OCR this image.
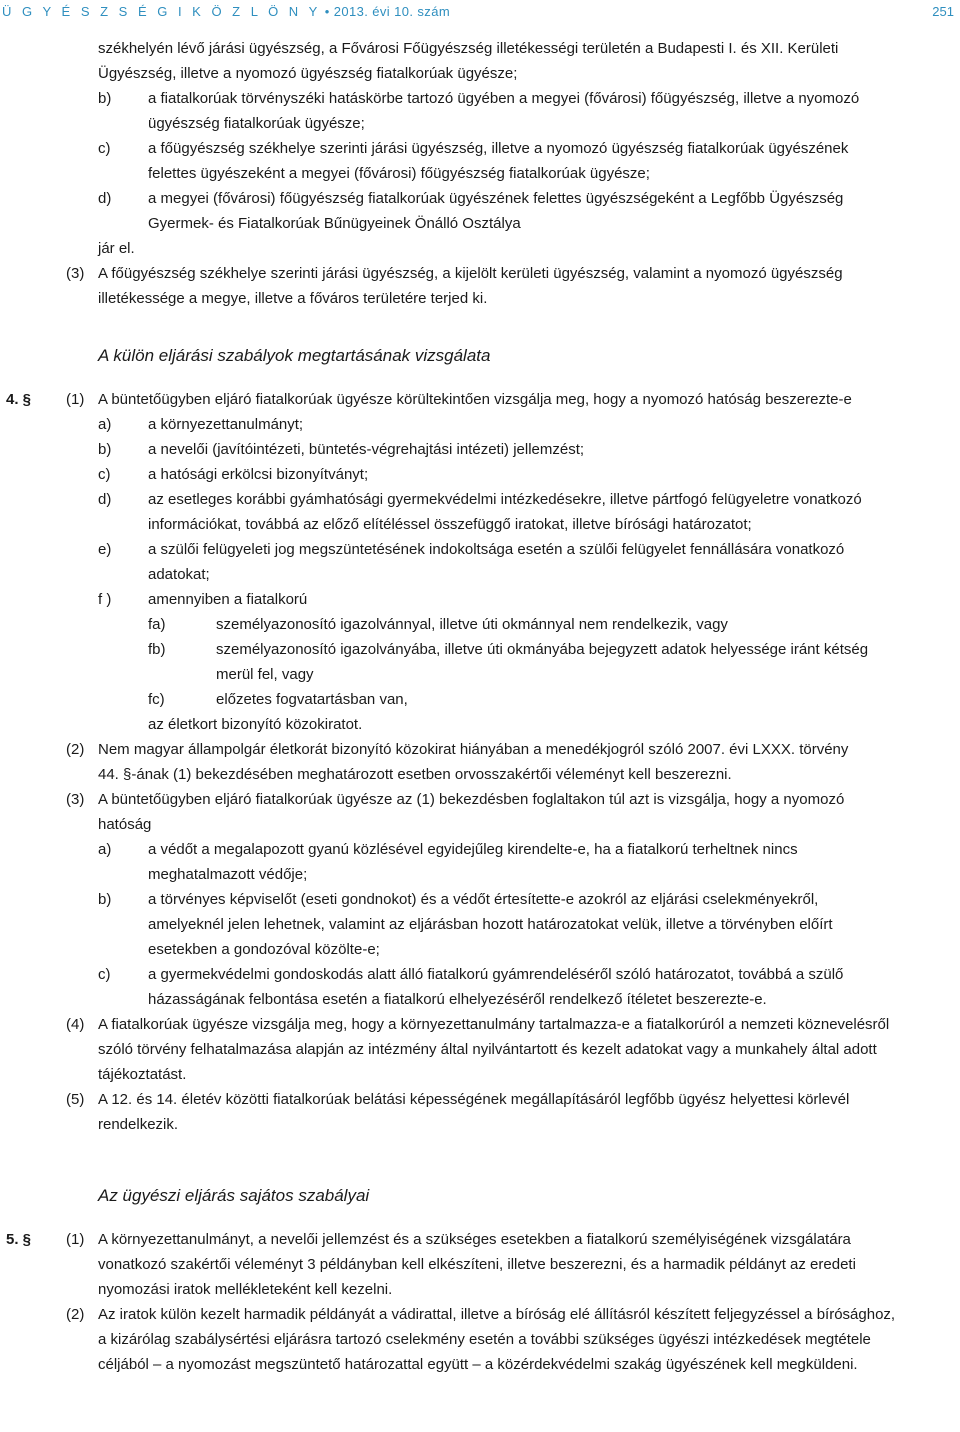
Ü G Y É S Z S É G I K Ö Z L Ö N Y • 2013. évi 10. szám	251
székhelyén lévő járási ügyészség, a Fővárosi Főügyészség illetékességi területén a Budapesti I. és XII. Kerületi
Ügyészség, illetve a nyomozó ügyészség fiatalkorúak ügyésze;
b) a fiatalkorúak törvényszéki hatáskörbe tartozó ügyében a megyei (fővárosi) főügyészség, illetve a nyomozó
ügyészség fiatalkorúak ügyésze;
c)	a főügyészség székhelye szerinti járási ügyészség, illetve a nyomozó ügyészség fiatalkorúak ügyészének
felettes ügyészeként a megyei (fővárosi) főügyészség fiatalkorúak ügyésze;
d) a megyei (fővárosi) főügyészség fiatalkorúak ügyészének felettes ügyészségeként a Legfőbb Ügyészség
Gyermek- és Fiatalkorúak Bűnügyeinek Önálló Osztálya
jár el.
(3) A főügyészség székhelye szerinti járási ügyészség, a kijelölt kerületi ügyészség, valamint a nyomozó ügyészség
illetékessége a megye, illetve a főváros területére terjed ki.
A külön eljárási szabályok megtartásának vizsgálata
4. § (1) A büntetőügyben eljáró fiatalkorúak ügyésze körültekintően vizsgálja meg, hogy a nyomozó hatóság beszerezte-e
a) a környezettanulmányt;
b) a nevelői (javítóintézeti, büntetés-végrehajtási intézeti) jellemzést;
c)	a hatósági erkölcsi bizonyítványt;
d) az esetleges korábbi gyámhatósági gyermekvédelmi intézkedésekre, illetve pártfogó felügyeletre vonatkozó
információkat, továbbá az előző elítéléssel összefüggő iratokat, illetve bírósági határozatot;
e) a szülői felügyeleti jog megszüntetésének indokoltsága esetén a szülői felügyelet fennállására vonatkozó
adatokat;
f ) amennyiben a fiatalkorú
fa)	személyazonosító igazolvánnyal, illetve úti okmánnyal nem rendelkezik, vagy
fb)	személyazonosító igazolványába, illetve úti okmányába bejegyzett adatok helyessége iránt kétség
merül fel, vagy
fc)	előzetes fogvatartásban van,
az életkort bizonyító közokiratot.
(2) Nem magyar állampolgár életkorát bizonyító közokirat hiányában a menedékjogról szóló 2007. évi LXXX. törvény
44. §-ának (1) bekezdésében meghatározott esetben orvosszakértői véleményt kell beszerezni.
(3) A büntetőügyben eljáró fiatalkorúak ügyésze az (1) bekezdésben foglaltakon túl azt is vizsgálja, hogy a nyomozó
hatóság
a) a védőt a megalapozott gyanú közlésével egyidejűleg kirendelte-e, ha a fiatalkorú terheltnek nincs
meghatalmazott védője;
b) a törvényes képviselőt (eseti gondnokot) és a védőt értesítette-e azokról az eljárási cselekményekről,
amelyeknél jelen lehetnek, valamint az eljárásban hozott határozatokat velük, illetve a törvényben előírt
esetekben a gondozóval közölte-e;
c)	a gyermekvédelmi gondoskodás alatt álló fiatalkorú gyámrendeléséről szóló határozatot, továbbá a szülő
házasságának felbontása esetén a fiatalkorú elhelyezéséről rendelkező ítéletet beszerezte-e.
(4) A fiatalkorúak ügyésze vizsgálja meg, hogy a környezettanulmány tartalmazza-e a fiatalkorúról a nemzeti köznevelésről
szóló törvény felhatalmazása alapján az intézmény által nyilvántartott és kezelt adatokat vagy a munkahely által adott
tájékoztatást.
(5) A 12. és 14. életév közötti fiatalkorúak belátási képességének megállapításáról legfőbb ügyész helyettesi körlevél
rendelkezik.
Az ügyészi eljárás sajátos szabályai
5. § (1) A környezettanulmányt, a nevelői jellemzést és a szükséges esetekben a fiatalkorú személyiségének vizsgálatára
vonatkozó szakértői véleményt 3 példányban kell elkészíteni, illetve beszerezni, és a harmadik példányt az eredeti
nyomozási iratok mellékleteként kell kezelni.
(2) Az iratok külön kezelt harmadik példányát a vádirattal, illetve a bíróság elé állításról készített feljegyzéssel a bírósághoz,
a kizárólag szabálysértési eljárásra tartozó cselekmény esetén a további szükséges ügyészi intézkedések megtétele
céljából – a nyomozást megszüntető határozattal együtt – a közérdekvédelmi szakág ügyészének kell megküldeni.
